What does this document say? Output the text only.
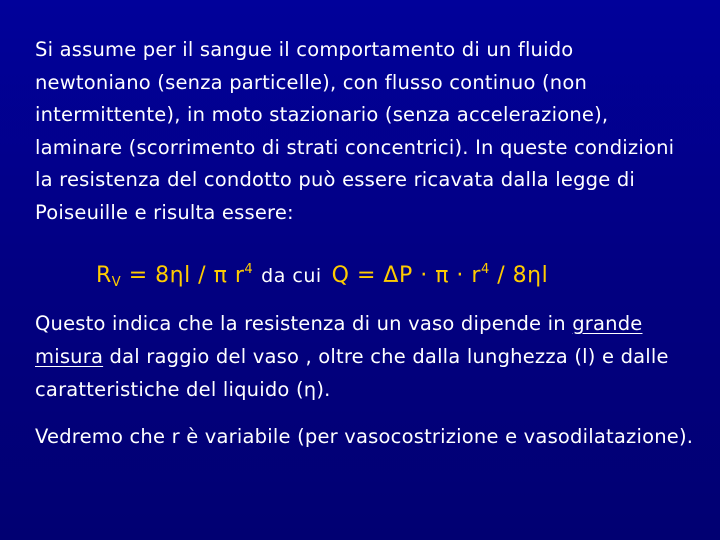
Si assume per il sangue il comportamento di un fluido newtoniano (senza particelle), con flusso continuo (non intermittente), in moto stazionario (senza accelerazione), laminare (scorrimento di strati concentrici). In queste condizioni la resistenza del condotto può essere ricavata dalla legge di Poiseuille e risulta essere:

$R_V = 8\eta l / \pi$ $r^4$ da cui $Q = \Delta P \cdot \pi \cdot r^4 / 8\eta l$

Questo indica che la resistenza di un vaso dipende in grande misura dal raggio del vaso , oltre che dalla lunghezza (l) e dalle caratteristiche del liquido (η).

Vedremo che r è variabile (per vasocostrizione e vasodilatazione).
